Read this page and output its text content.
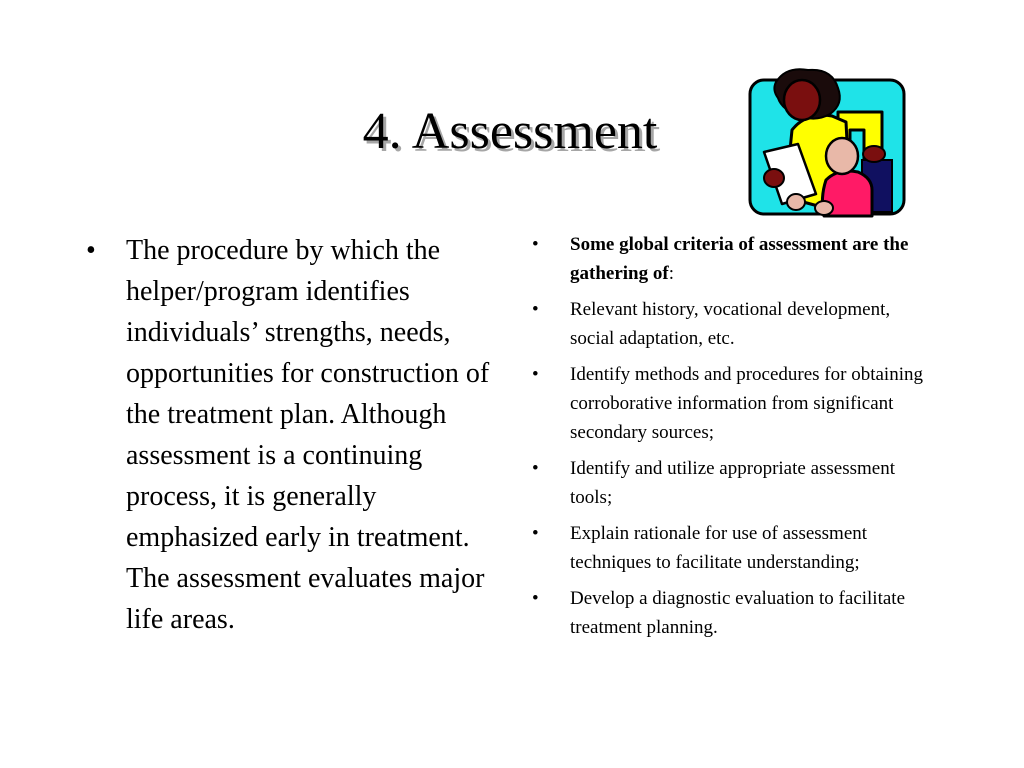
4. Assessment
• The procedure by which the helper/program identifies individuals’ strengths, needs, opportunities for construction of the treatment plan. Although assessment is a continuing process, it is generally emphasized early in treatment. The assessment evaluates major life areas.
• Some global criteria of assessment are the gathering of:
• Relevant history, vocational development, social adaptation, etc.
• Identify methods and procedures for obtaining corroborative information from significant secondary sources;
• Identify and utilize appropriate assessment tools;
• Explain rationale for use of assessment techniques to facilitate understanding;
• Develop a diagnostic evaluation to facilitate treatment planning.
